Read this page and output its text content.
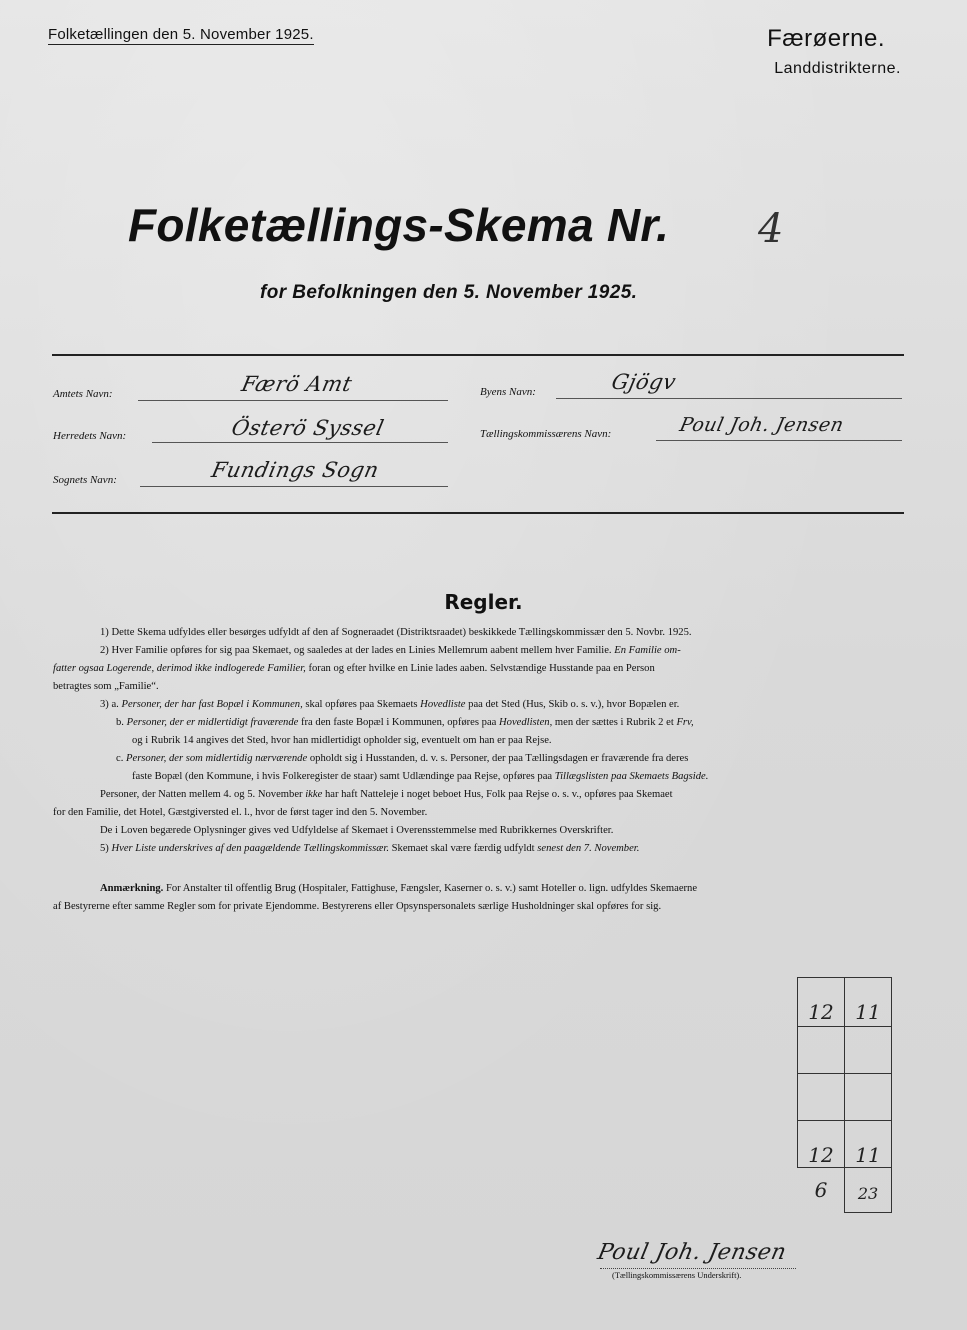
Folketællingen den 5. November 1925.	Færøerne.
Landdistrikterne.
Folketællings-Skema Nr. 4
for Befolkningen den 5. November 1925.
Amtets Navn:	Færö Amt
Herredets Navn:	Österö Syssel
Sognets Navn:	Fundings Sogn
Byens Navn:	Gjögv
Tællingskommissærens Navn:	Poul Joh. Jensen
Regler.
1) Dette Skema udfyldes eller besørges udfyldt af den af Sogneraadet (Distriktsraadet) beskikkede Tællingskommissær den 5. Novbr. 1925.
2) Hver Familie opføres for sig paa Skemaet, og saaledes at der lades en Linies Mellemrum aabent mellem hver Familie. En Familie om-
fatter ogsaa Logerende, derimod ikke indlogerede Familier, foran og efter hvilke en Linie lades aaben. Selvstændige Husstande paa en Person
betragtes som „Familie“.
3) a. Personer, der har fast Bopæl i Kommunen, skal opføres paa Skemaets Hovedliste paa det Sted (Hus, Skib o. s. v.), hvor Bopælen er.
b. Personer, der er midlertidigt fraværende fra den faste Bopæl i Kommunen, opføres paa Hovedlisten, men der sættes i Rubrik 2 et Frv,
og i Rubrik 14 angives det Sted, hvor han midlertidigt opholder sig, eventuelt om han er paa Rejse.
c. Personer, der som midlertidig nærværende opholdt sig i Husstanden, d. v. s. Personer, der paa Tællingsdagen er fraværende fra deres
faste Bopæl (den Kommune, i hvis Folkeregister de staar) samt Udlændinge paa Rejse, opføres paa Tillægslisten paa Skemaets Bagside.
Personer, der Natten mellem 4. og 5. November ikke har haft Natteleje i noget beboet Hus, Folk paa Rejse o. s. v., opføres paa Skemaet
for den Familie, det Hotel, Gæstgiversted el. l., hvor de først tager ind den 5. November.
De i Loven begærede Oplysninger gives ved Udfyldelse af Skemaet i Overensstemmelse med Rubrikkernes Overskrifter.
5) Hver Liste underskrives af den paagældende Tællingskommissær. Skemaet skal være færdig udfyldt senest den 7. November.
Anmærkning. For Anstalter til offentlig Brug (Hospitaler, Fattighuse, Fængsler, Kaserner o. s. v.) samt Hoteller o. lign. udfyldes Skemaerne
af Bestyrerne efter samme Regler som for private Ejendomme. Bestyrerens eller Opsynspersonalets særlige Husholdninger skal opføres for sig.
12	11
12	11
6	23
Poul Joh. Jensen
(Tællingskommissærens Underskrift).
